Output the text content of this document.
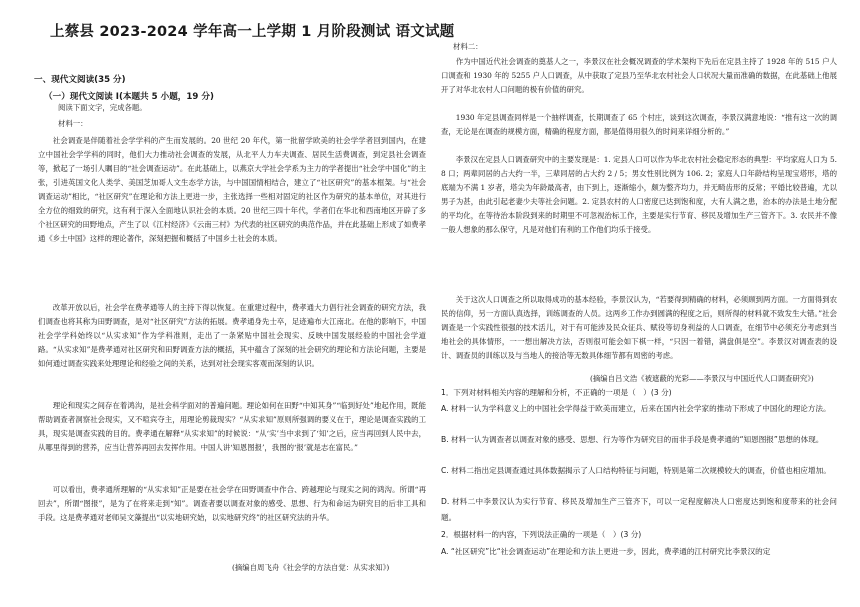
上蔡县 2023-2024 学年高一上学期 1 月阶段测试 语文试题
一、现代文阅读(35 分)
（一）现代文阅读 I(本题共 5 小题，19 分)
阅读下面文字，完成各题。
材料一：

社会调查是伴随着社会学学科的产生而发展的。20 世纪 20 年代，第一批留学欧美的社会学学者回到国内，在建立中国社会学学科的同时，他们大力推动社会调查的发展，从北平人力车夫调查、居民生活费调查，到定县社会调查等，掀起了一场引人瞩目的“社会调查运动”。在此基础上，以燕京大学社会学系为主力的学者提出“社会学中国化”的主张，引进英国文化人类学、美国芝加哥人文生态学方法，与中国国情相结合，建立了“社区研究”的基本框架。与“社会调查运动”相比，“社区研究”在理论和方法上更进一步，主张选择一些相对固定的社区作为研究的基本单位，对其进行全方位的细致的研究，这有利于深入全面地认识社会的本质。20 世纪三四十年代，学者们在华北和西南地区开辟了多个社区研究的田野地点，产生了以《江村经济》《云南三村》为代表的社区研究的典范作品，并在此基础上形成了如费孝通《乡土中国》这样的理论著作，深刻把握和概括了中国乡土社会的本质。

改革开放以后，社会学在费孝通等人的主持下得以恢复。在重建过程中，费孝通大力倡行社会调查的研究方法，我们调查也将其称为田野调查，是对“社区研究”方法的拓展。费孝通身先士卒，足迹遍布大江南北。在他的影响下，中国社会学学科始终以“从实求知”作为学科准则，走出了一条紧贴中国社会现实、反映中国发展经验的中国社会学道路。“从实求知”是费孝通对社区研究和田野调查方法的概括，其中蕴含了深刻的社会研究的理论和方法论问题，主要是如何通过调查实践来处理理论和经验之间的关系，达到对社会现实客观而深刻的认识。

理论和现实之间存在着鸿沟，是社会科学面对的普遍问题。理论如何在田野“中知其身”“临到好处”地起作用，既能帮助调查者洞察社会现实，又不喧宾夺主，用理论剪裁现实？“从实求知”原则所强调的要义在于，理论是调查实践的工具，现实是调查实践的目的。费孝通在解释“从实求知”的时候说：“从‘实’当中求到了‘知’之后，应当再回到人民中去，从哪里得到的营养，应当让营养再回去发挥作用。中国人讲‘知恩图报’，我图的‘报’就是志在富民。”

可以看出，费孝通所理解的“从实求知”正是要在社会学在田野调查中作合、跨越理论与现实之间的鸿沟。所谓“再回去”，所谓“图报”，是为了在将来走到“知”。调查者要以调查对象的感受、思想、行为和命运为研究目的后非工具和手段。这是费孝通对老师吴文藻提出“以实地研究始，以实地研究终”的社区研究法的升华。

(摘编自周飞舟《社会学的方法自觉：从实求知》)
材料二：

作为中国近代社会调查的奠基人之一，李景汉在社会概况调查的学术架构下先后在定县主持了 1928 年的 515 户人口调查和 1930 年的 5255 户人口调查，从中获取了定县乃至华北农村社会人口状况大量而准确的数据，在此基础上他展开了对华北农村人口问题的极有价值的研究。

1930 年定县调查同样是一个抽样调查，长期调查了 65 个村庄，谈到这次调查，李景汉满意地说：“推有这一次的调查，无论是在调查的规模方面，精确的程度方面，都是值得用很久的时间来详细分析的。”

李景汉在定县人口调查研究中的主要发现是：1. 定县人口可以作为华北农村社会稳定形态的典型：平均家庭人口为 5. 8 口；两辈同居的占大约一半，三辈同居的占大约 2 / 5；男女性别比例为 106. 2；家庭人口年龄结构呈现宝塔形，塔的底端为不满 1 岁者，塔尖为年龄最高者，由下到上，逐渐缩小，颇为整齐均力，并无畸齿形的反常；平婚比较普遍，尤以男子为甚，由此引起老妻少夫等社会问题。2. 定县农村的人口密度已达到饱和度，大有人满之患，治本的办法是土地分配的平均化，在等待治本阶段到来的时期里不可忽视治标工作，主要是实行节育、移民及增加生产三管齐下。3. 农民并不像一般人想象的那么保守，凡是对他们有利的工作他们均乐于接受。

关于这次人口调查之所以取得成功的基本经验，李景汉认为，“若要得到精确的材料，必须顾到两方面。一方面得到农民的信仰，另一方面认真选择，训练调查的人员。这两乡工作办到圆满的程度之后，则所得的材料就不致发生大错。”社会调查是一个实践性很强的技术活儿，对于有可能涉及民众征兵、赋役等切身利益的人口调查，在细节中必须充分考虑到当地社会的具体情形，一一想出解决方法，否则很可能会如下棋一样，“只因一着错，满盘俱是空”。李景汉对调查表的设计、调查员的训练以及与当地人的接洽等无数具体细节都有周密的考虑。

(摘编自吕文浩《被遮蔽的光彩——李景汉与中国近代人口调查研究》)

1．下列对材料相关内容的理解和分析，不正确的一项是（　）(3 分)

A. 材料一认为学科意义上的中国社会学得益于欧美而建立，后来在国内社会学家的推动下形成了中国化的理论方法。

B. 材料一认为调查者以调查对象的感受、思想、行为等作为研究目的而非手段是费孝通的“知恩图报”思想的体现。

C. 材料二指出定县调查通过具体数据揭示了人口结构特征与问题，特别是第二次规模较大的调查，价值也相应增加。

D. 材料二中李景汉认为实行节育、移民及增加生产三管齐下，可以一定程度解决人口密度达到饱和度带来的社会问题。

2．根据材料一的内容，下列说法正确的一项是（　）(3 分)

A. “社区研究”比“社会调查运动”在理论和方法上更进一步，因此，费孝通的江村研究比李景汉的定
